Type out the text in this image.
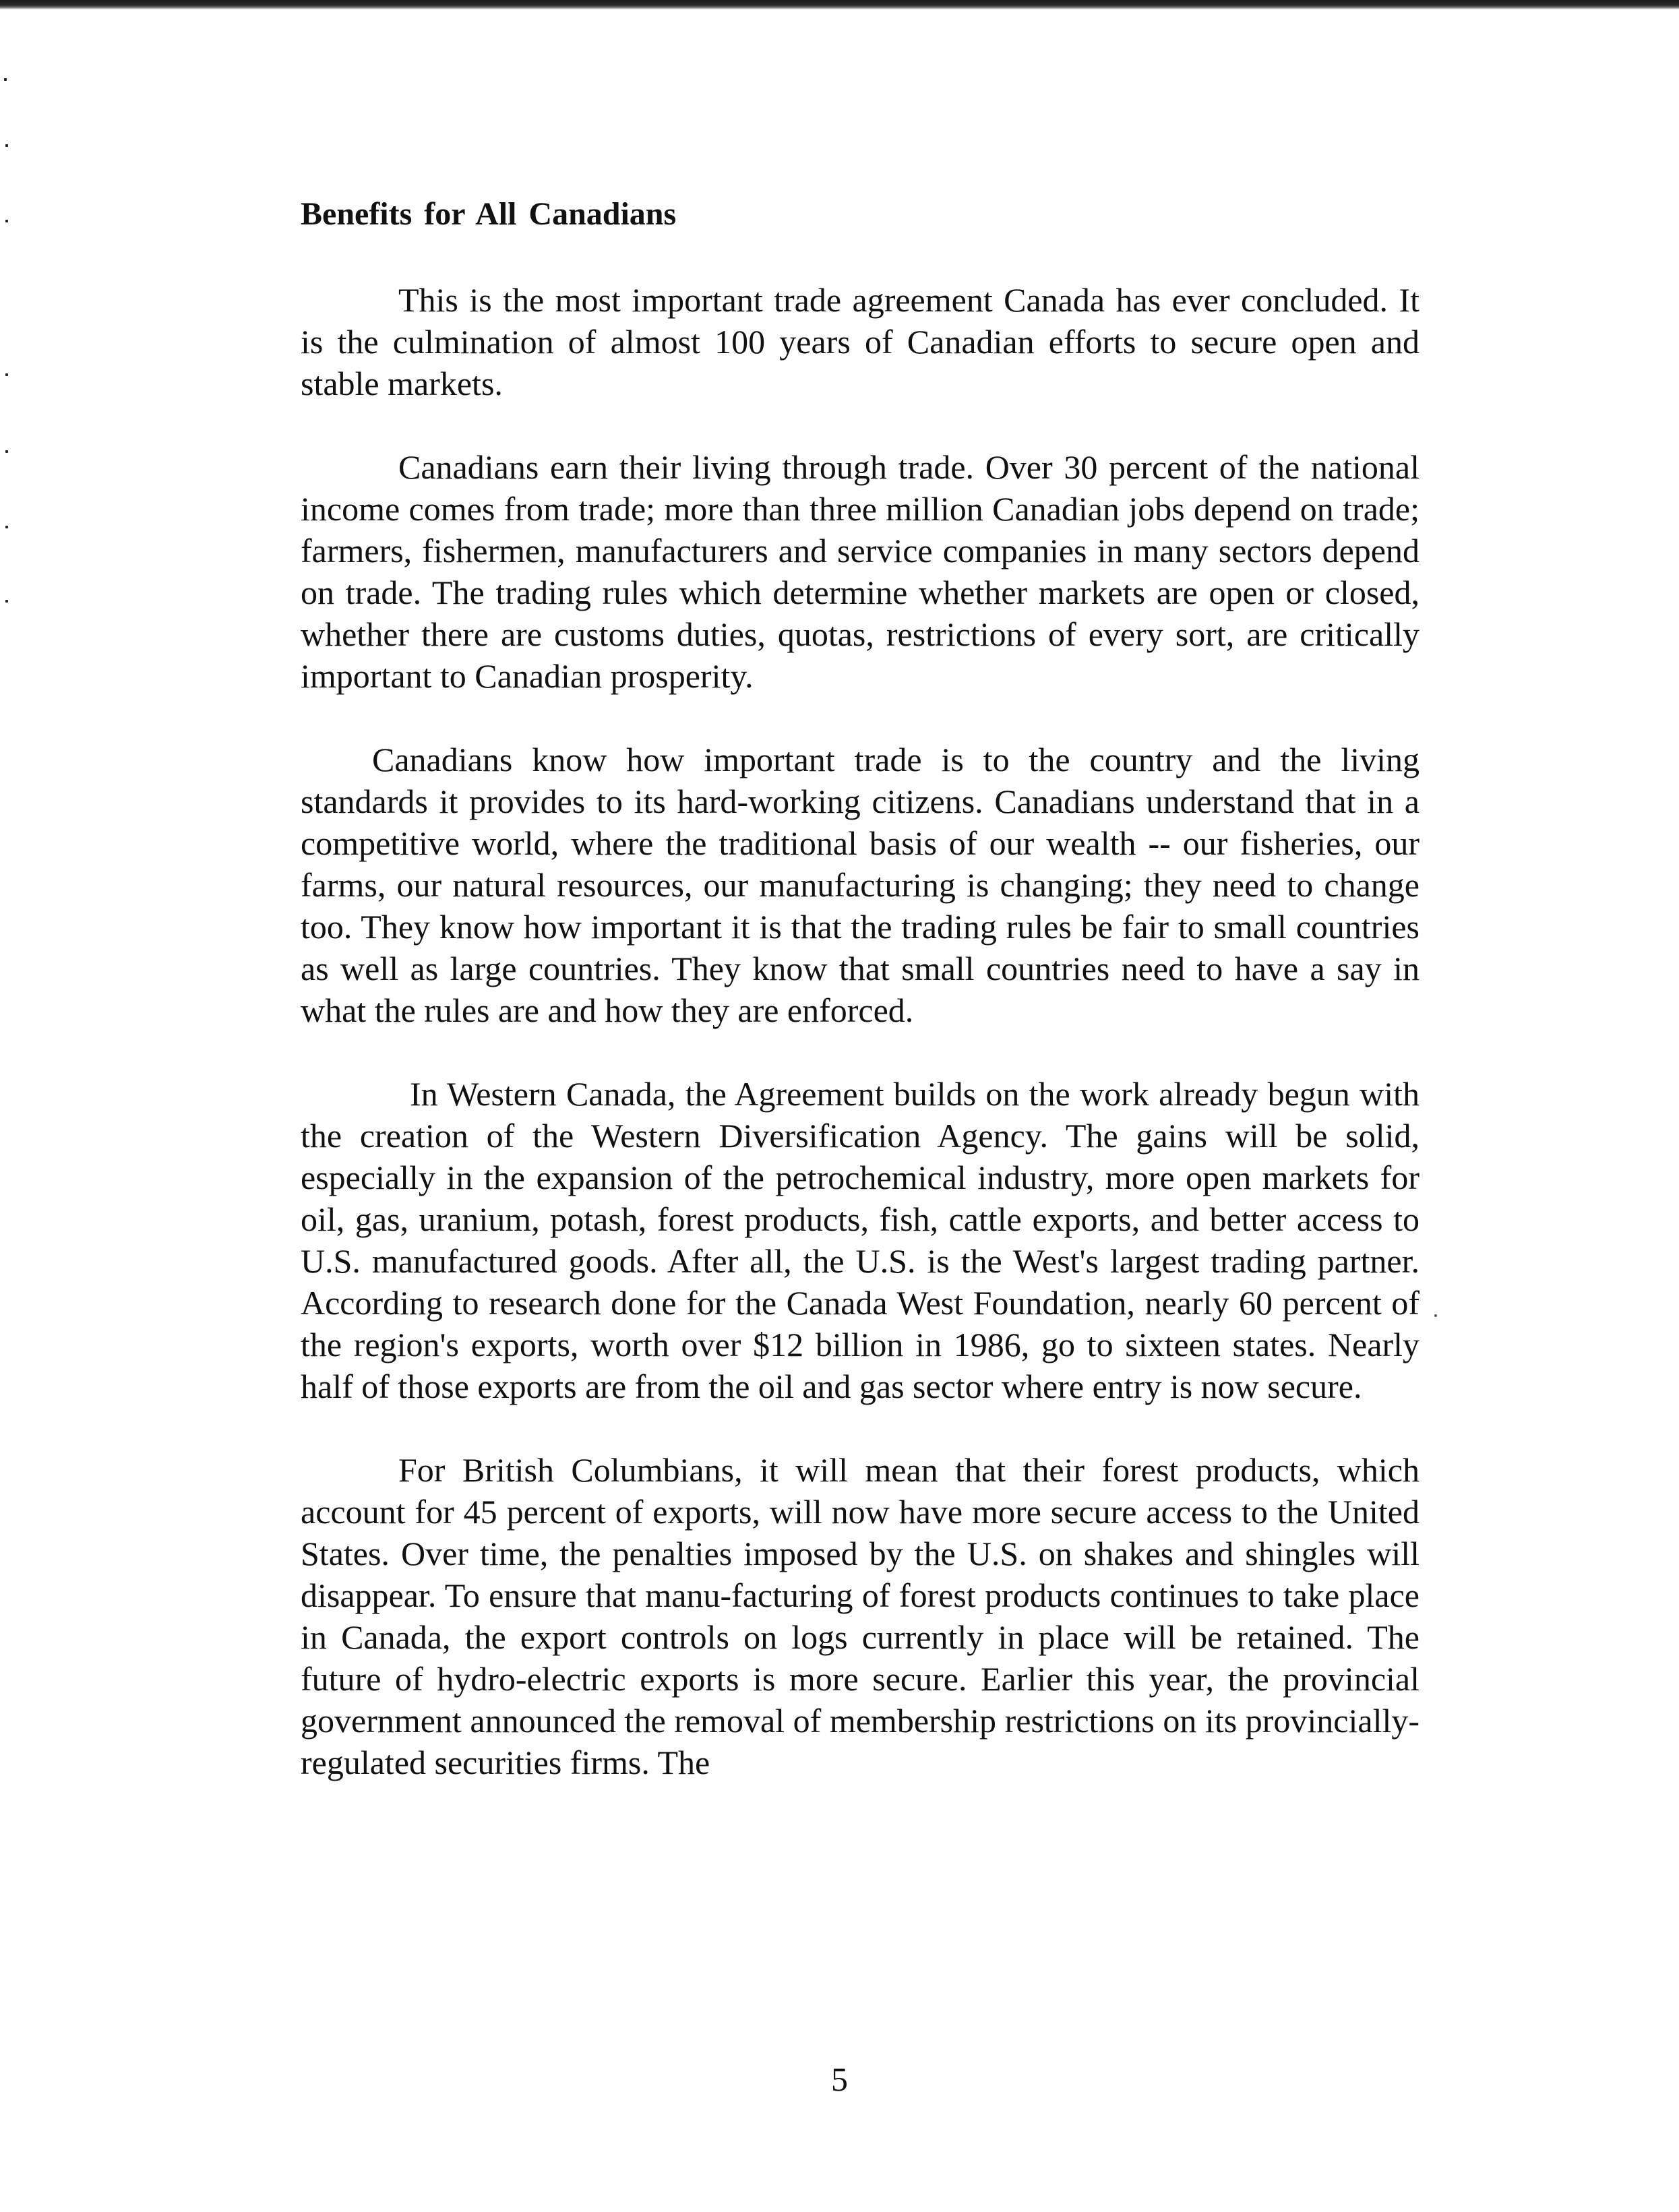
Benefits for All Canadians

This is the most important trade agreement Canada has ever concluded. It is the culmination of almost 100 years of Canadian efforts to secure open and stable markets.

Canadians earn their living through trade. Over 30 percent of the national income comes from trade; more than three million Canadian jobs depend on trade; farmers, fishermen, manufacturers and service companies in many sectors depend on trade. The trading rules which determine whether markets are open or closed, whether there are customs duties, quotas, restrictions of every sort, are critically important to Canadian prosperity.

Canadians know how important trade is to the country and the living standards it provides to its hard-working citizens. Canadians understand that in a competitive world, where the traditional basis of our wealth -- our fisheries, our farms, our natural resources, our manufacturing is changing; they need to change too. They know how important it is that the trading rules be fair to small countries as well as large countries. They know that small countries need to have a say in what the rules are and how they are enforced.

In Western Canada, the Agreement builds on the work already begun with the creation of the Western Diversification Agency. The gains will be solid, especially in the expansion of the petrochemical industry, more open markets for oil, gas, uranium, potash, forest products, fish, cattle exports, and better access to U.S. manufactured goods. After all, the U.S. is the West's largest trading partner. According to research done for the Canada West Foundation, nearly 60 percent of the region's exports, worth over $12 billion in 1986, go to sixteen states. Nearly half of those exports are from the oil and gas sector where entry is now secure.

For British Columbians, it will mean that their forest products, which account for 45 percent of exports, will now have more secure access to the United States. Over time, the penalties imposed by the U.S. on shakes and shingles will disappear. To ensure that manu-facturing of forest products continues to take place in Canada, the export controls on logs currently in place will be retained. The future of hydro-electric exports is more secure. Earlier this year, the provincial government announced the removal of membership restrictions on its provincially-regulated securities firms. The

5
